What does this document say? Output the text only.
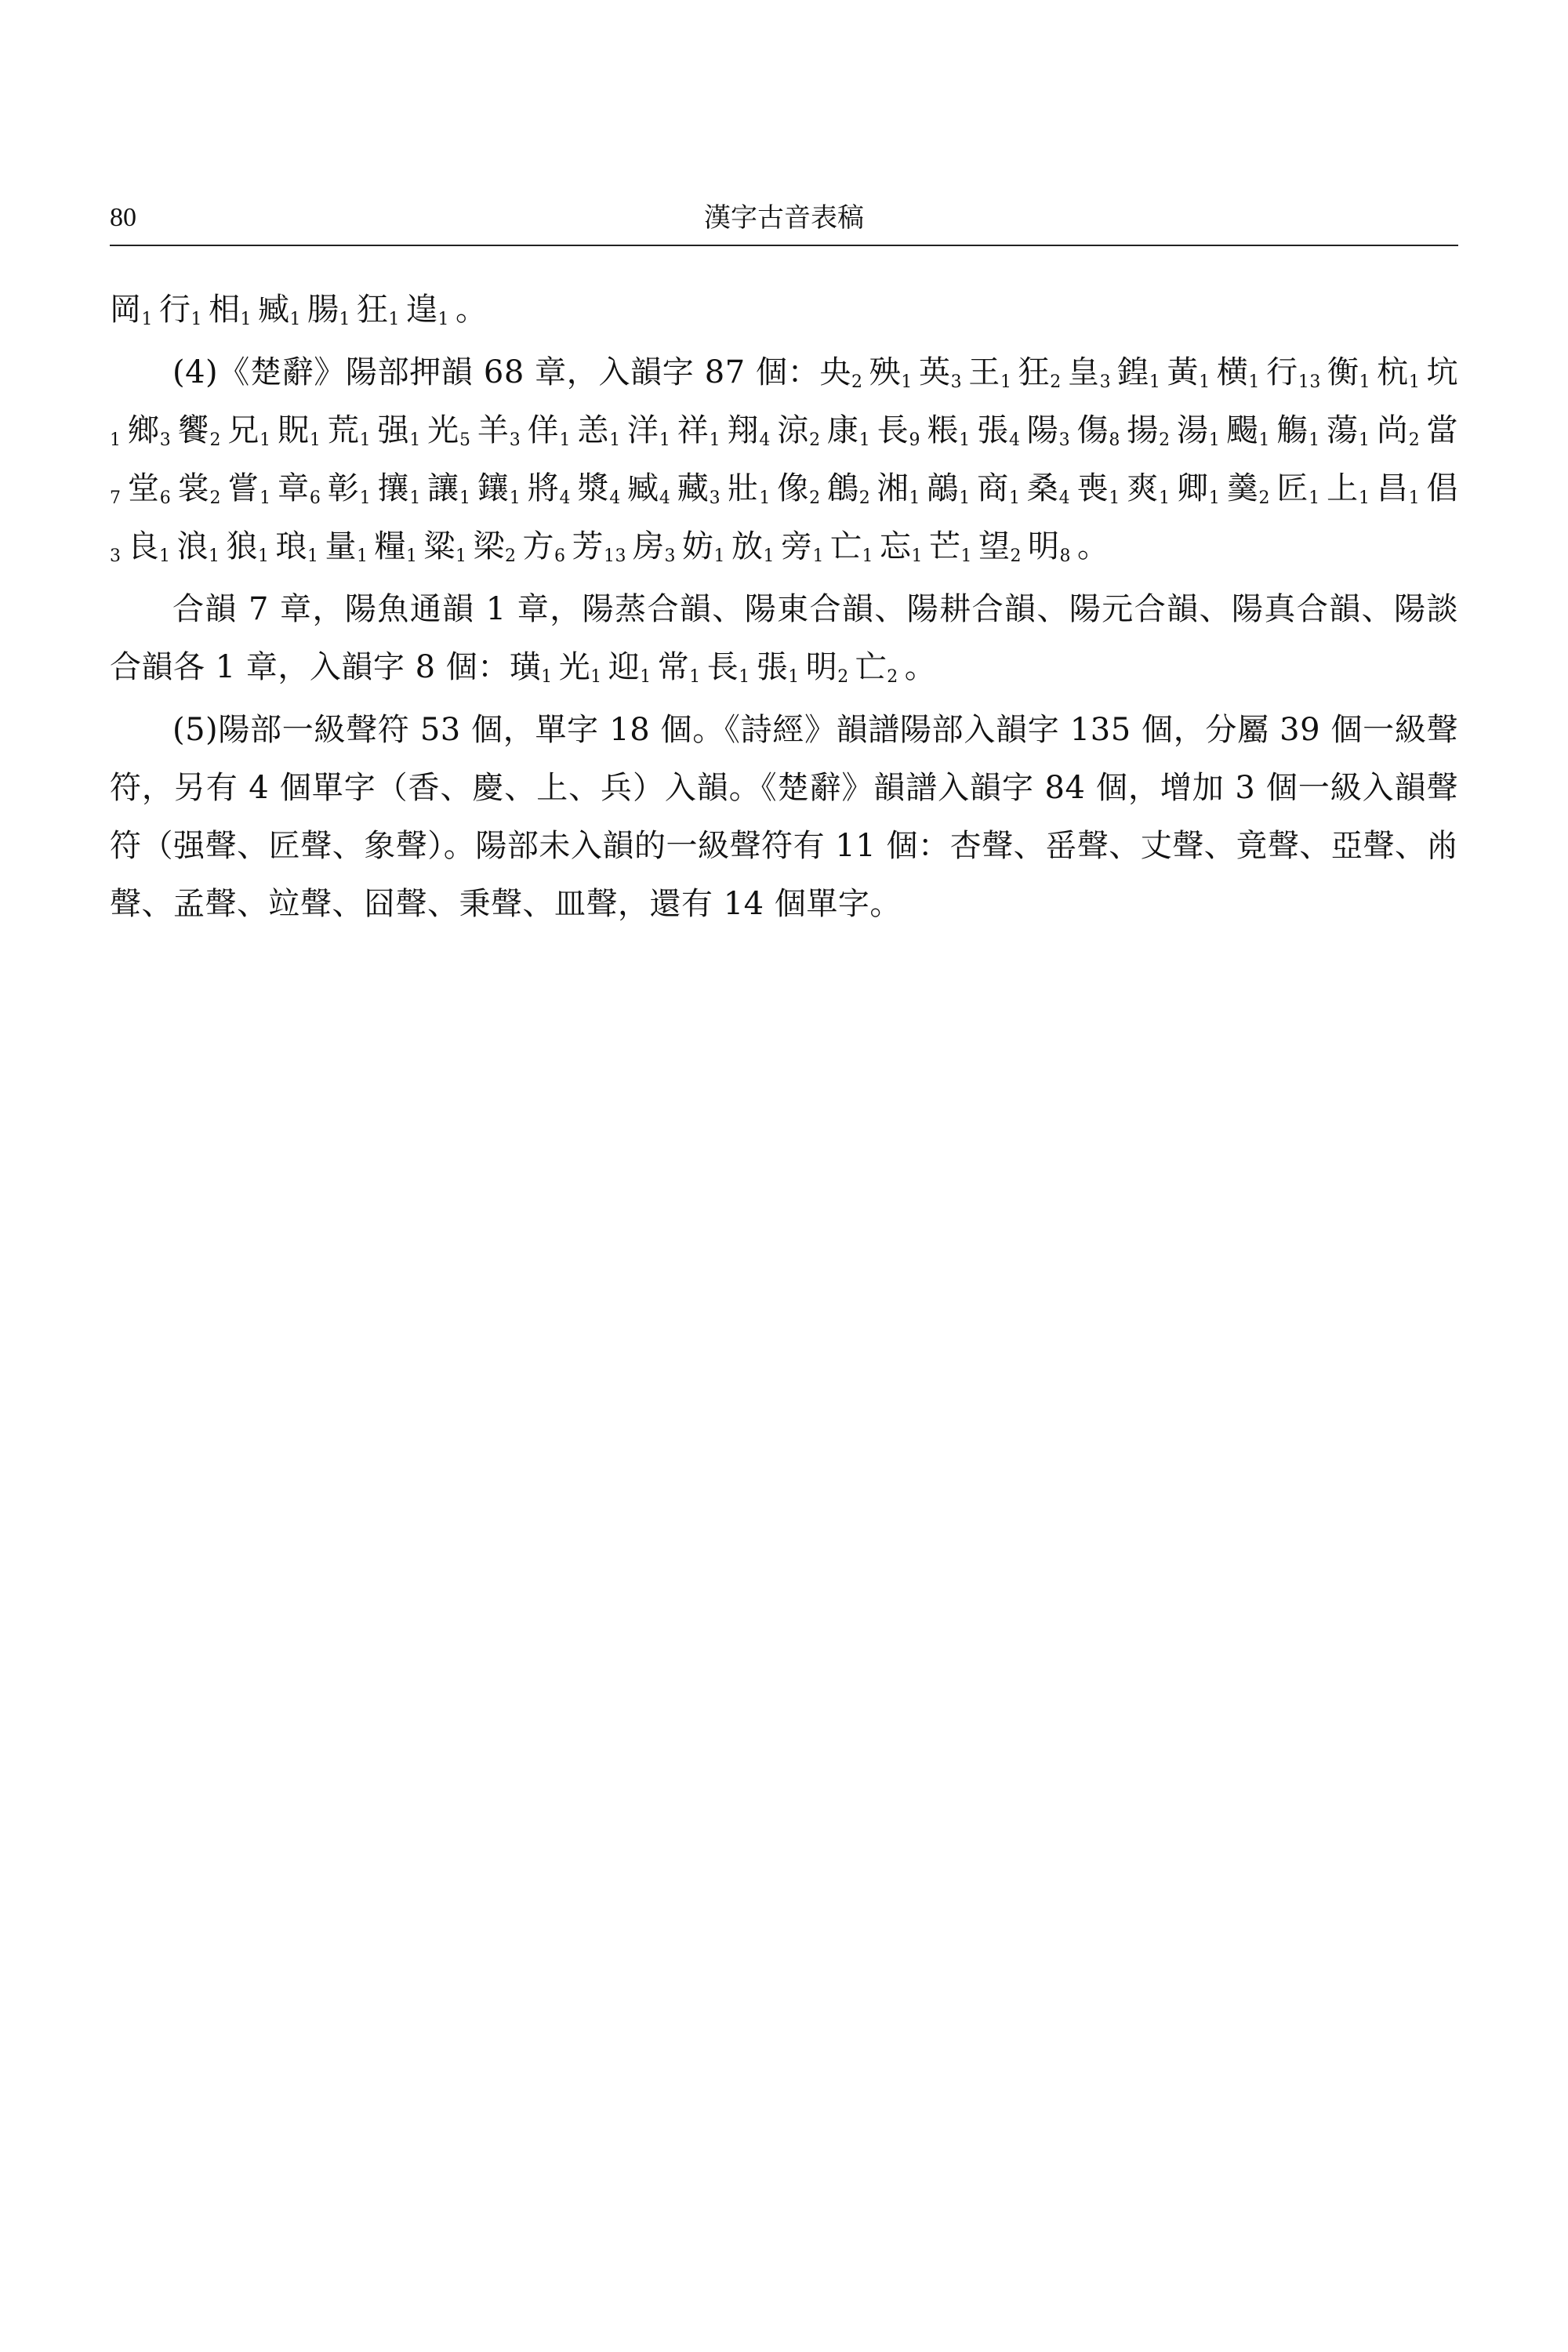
80	漢字古音表稿

岡$_1$ 行$_1$ 相$_1$ 臧$_1$ 腸$_1$ 狂$_1$ 遑$_1$ 。

(4)《楚辭》陽部押韻 68 章，入韻字 87 個：央$_2$ 殃$_1$ 英$_3$ 王$_1$ 狂$_2$ 皇$_3$ 鍠$_1$ 黃$_1$ 横$_1$ 行$_{13}$ 衡$_1$ 杭$_1$ 坑$_1$ 鄉$_3$ 饗$_2$ 兄$_1$ 貺$_1$ 荒$_1$ 强$_1$ 光$_5$ 羊$_3$ 佯$_1$ 恙$_1$ 洋$_1$ 祥$_1$ 翔$_4$ 涼$_2$ 康$_1$ 長$_9$ 粻$_1$ 張$_4$ 陽$_3$ 傷$_8$ 揚$_2$ 湯$_1$ 颺$_1$ 觴$_1$ 蕩$_1$ 尚$_2$ 當$_7$ 堂$_6$ 裳$_2$ 嘗$_1$ 章$_6$ 彰$_1$ 攘$_1$ 讓$_1$ 鑲$_1$ 將$_4$ 漿$_4$ 臧$_4$ 藏$_3$ 壯$_1$ 像$_2$ 鶬$_2$ 湘$_1$ 鶮$_1$ 商$_1$ 桑$_4$ 喪$_1$ 爽$_1$ 卿$_1$ 羹$_2$ 匠$_1$ 上$_1$ 昌$_1$ 倡$_3$ 良$_1$ 浪$_1$ 狼$_1$ 琅$_1$ 量$_1$ 糧$_1$ 粱$_1$ 梁$_2$ 方$_6$ 芳$_{13}$ 房$_3$ 妨$_1$ 放$_1$ 旁$_1$ 亡$_1$ 忘$_1$ 芒$_1$ 望$_2$ 明$_8$ 。

合韻 7 章，陽魚通韻 1 章，陽蒸合韻、陽東合韻、陽耕合韻、陽元合韻、陽真合韻、陽談合韻各 1 章，入韻字 8 個：璜$_1$ 光$_1$ 迎$_1$ 常$_1$ 長$_1$ 張$_1$ 明$_2$ 亡$_2$ 。

(5)陽部一級聲符 53 個，單字 18 個。《詩經》韻譜陽部入韻字 135 個，分屬 39 個一級聲符，另有 4 個單字（香、慶、上、兵）入韻。《楚辭》韻譜入韻字 84 個，增加 3 個一級入韻聲符（强聲、匠聲、象聲）。陽部未入韻的一級聲符有 11 個：杏聲、䍃聲、丈聲、竟聲、亞聲、㡀聲、孟聲、竝聲、囧聲、秉聲、皿聲，還有 14 個單字。
